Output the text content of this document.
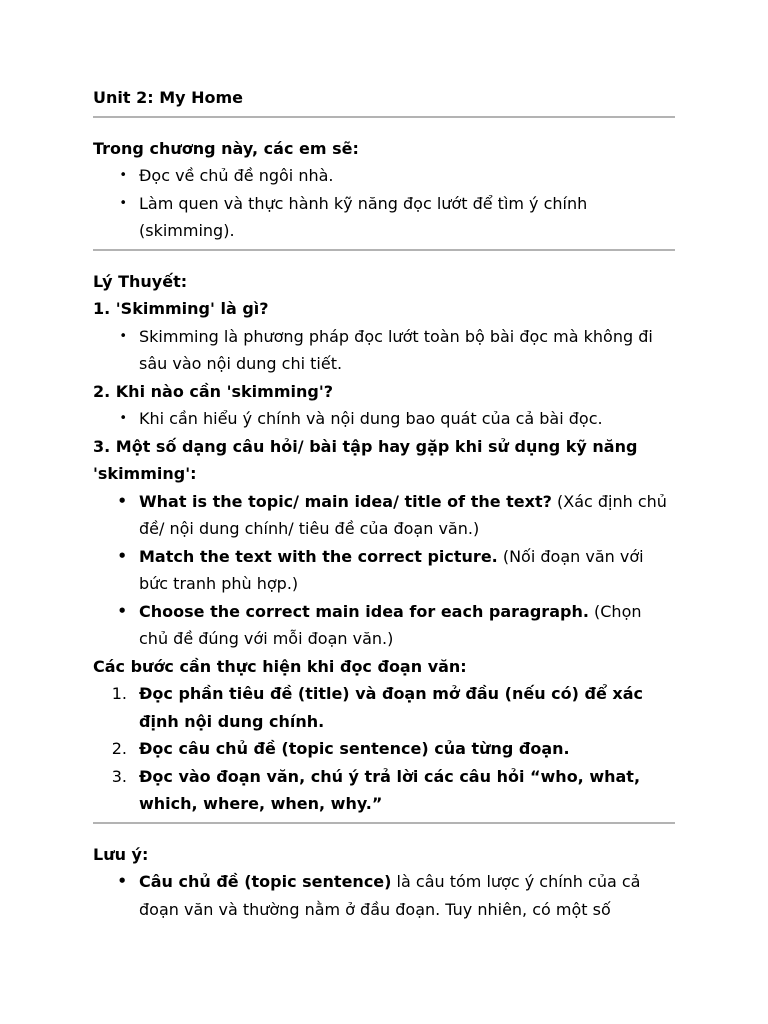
Unit 2: My Home
Trong chương này, các em sẽ:
• Đọc về chủ đề ngôi nhà.
• Làm quen và thực hành kỹ năng đọc lướt để tìm ý chính (skimming).
Lý Thuyết:
1. 'Skimming' là gì?
• Skimming là phương pháp đọc lướt toàn bộ bài đọc mà không đi sâu vào nội dung chi tiết.
2. Khi nào cần 'skimming'?
• Khi cần hiểu ý chính và nội dung bao quát của cả bài đọc.
3. Một số dạng câu hỏi/ bài tập hay gặp khi sử dụng kỹ năng 'skimming':
• What is the topic/ main idea/ title of the text? (Xác định chủ đề/ nội dung chính/ tiêu đề của đoạn văn.)
• Match the text with the correct picture. (Nối đoạn văn với bức tranh phù hợp.)
• Choose the correct main idea for each paragraph. (Chọn chủ đề đúng với mỗi đoạn văn.)
Các bước cần thực hiện khi đọc đoạn văn:
1. Đọc phần tiêu đề (title) và đoạn mở đầu (nếu có) để xác định nội dung chính.
2. Đọc câu chủ đề (topic sentence) của từng đoạn.
3. Đọc vào đoạn văn, chú ý trả lời các câu hỏi “who, what, which, where, when, why.”
Lưu ý:
• Câu chủ đề (topic sentence) là câu tóm lược ý chính của cả đoạn văn và thường nằm ở đầu đoạn. Tuy nhiên, có một số
